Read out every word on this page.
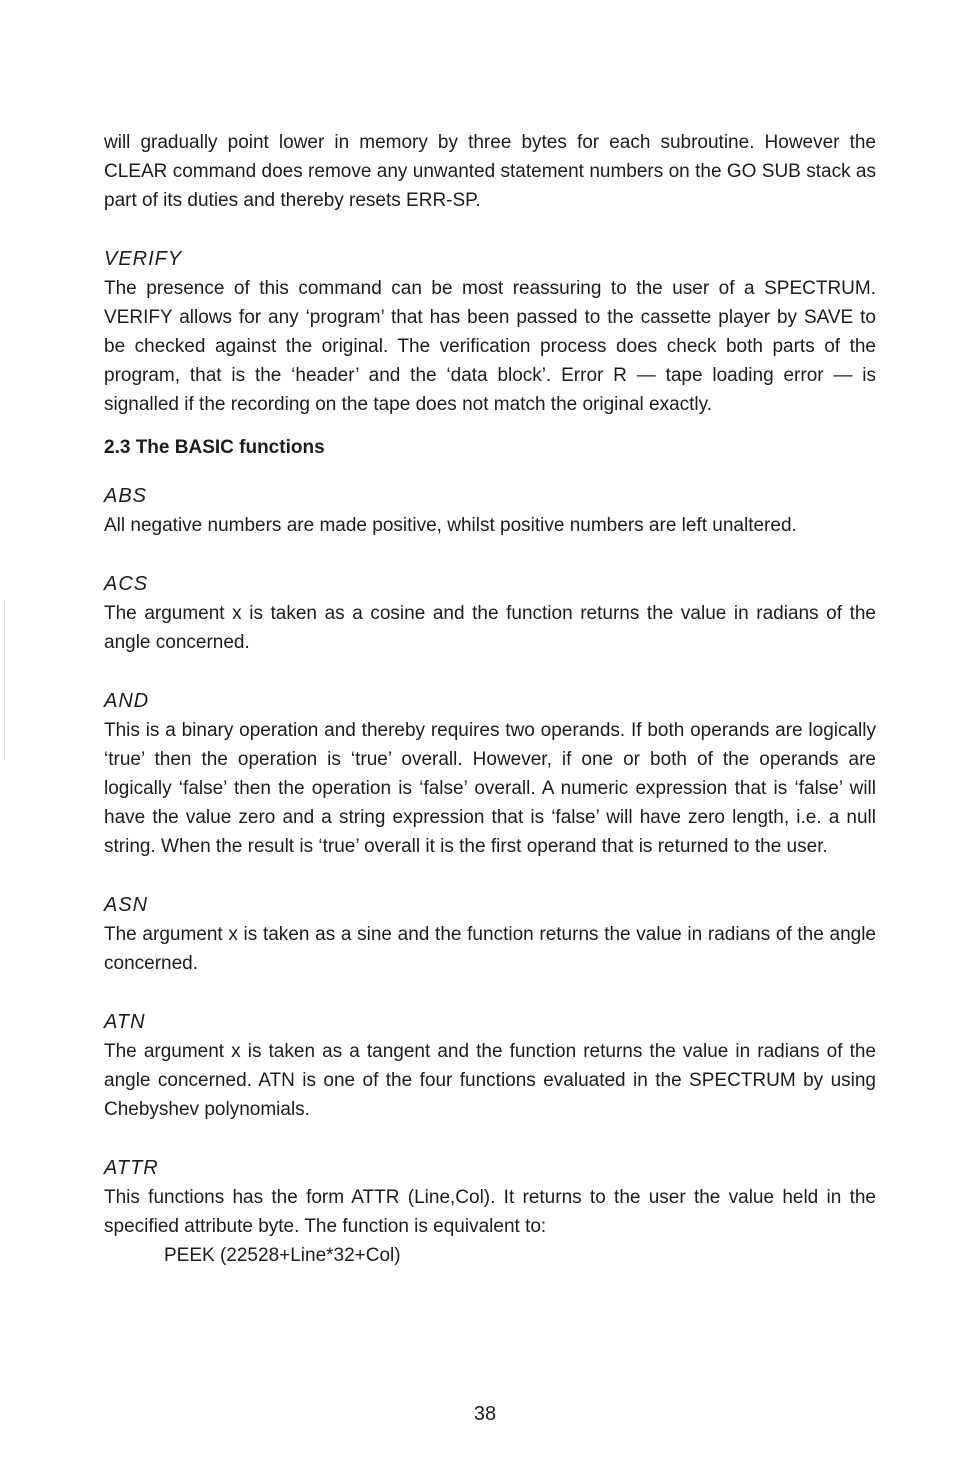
will gradually point lower in memory by three bytes for each subroutine. However the CLEAR command does remove any unwanted statement numbers on the GO SUB stack as part of its duties and thereby resets ERR-SP.

VERIFY

The presence of this command can be most reassuring to the user of a SPECTRUM. VERIFY allows for any ‘program’ that has been passed to the cassette player by SAVE to be checked against the original. The verification process does check both parts of the program, that is the ‘header’ and the ‘data block’. Error R — tape loading error — is signalled if the recording on the tape does not match the original exactly.

2.3 The BASIC functions

ABS

All negative numbers are made positive, whilst positive numbers are left unaltered.

ACS

The argument x is taken as a cosine and the function returns the value in radians of the angle concerned.

AND

This is a binary operation and thereby requires two operands. If both operands are logically ‘true’ then the operation is ‘true’ overall. However, if one or both of the operands are logically ‘false’ then the operation is ‘false’ overall. A numeric expression that is ‘false’ will have the value zero and a string expression that is ‘false’ will have zero length, i.e. a null string. When the result is ‘true’ overall it is the first operand that is returned to the user.

ASN

The argument x is taken as a sine and the function returns the value in radians of the angle concerned.

ATN

The argument x is taken as a tangent and the function returns the value in radians of the angle concerned. ATN is one of the four functions evaluated in the SPECTRUM by using Chebyshev polynomials.

ATTR

This functions has the form ATTR (Line,Col). It returns to the user the value held in the specified attribute byte. The function is equivalent to:

PEEK (22528+Line*32+Col)

38
